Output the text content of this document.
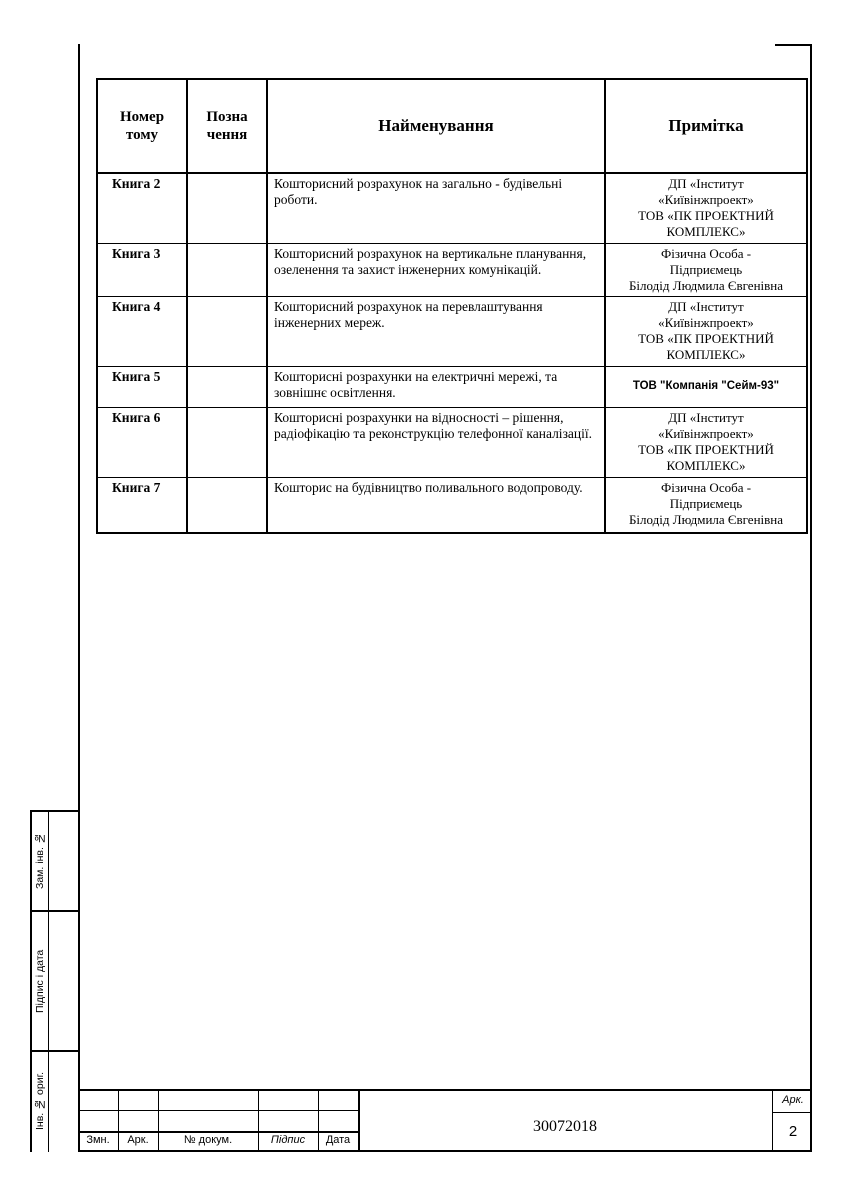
Номер тому	Позна чення	Найменування	Примітка
Книга 2		Кошторисний розрахунок на загально - будівельні роботи.	ДП «Інститут
«Київінжпроект»
ТОВ «ПК ПРОЕКТНИЙ
КОМПЛЕКС»

Книга 3		Кошторисний розрахунок на вертикальне планування, озеленення та захист інженерних комунікацій.	Фізична Особа -
Підприємець
Білодід Людмила Євгенівна

Книга 4		Кошторисний розрахунок на перевлаштування інженерних мереж.	ДП «Інститут
«Київінжпроект»
ТОВ «ПК ПРОЕКТНИЙ
КОМПЛЕКС»

Книга 5		Кошторисні розрахунки на електричні мережі, та зовнішнє освітлення.	ТОВ "Компанія "Сейм-93"

Книга 6		Кошторисні розрахунки на відносності – рішення, радіофікацію та реконструкцію телефонної каналізації.	ДП «Інститут
«Київінжпроект»
ТОВ «ПК ПРОЕКТНИЙ
КОМПЛЕКС»

Книга 7		Кошторис на будівництво поливального водопроводу.	Фізична Особа -
Підприємець
Білодід Людмила Євгенівна
Зам. інв. №
Підпис і дата
Інв. № ориг.
Змн.	Арк.	№ докум.	Підпис	Дата
30072018
Арк.
2
